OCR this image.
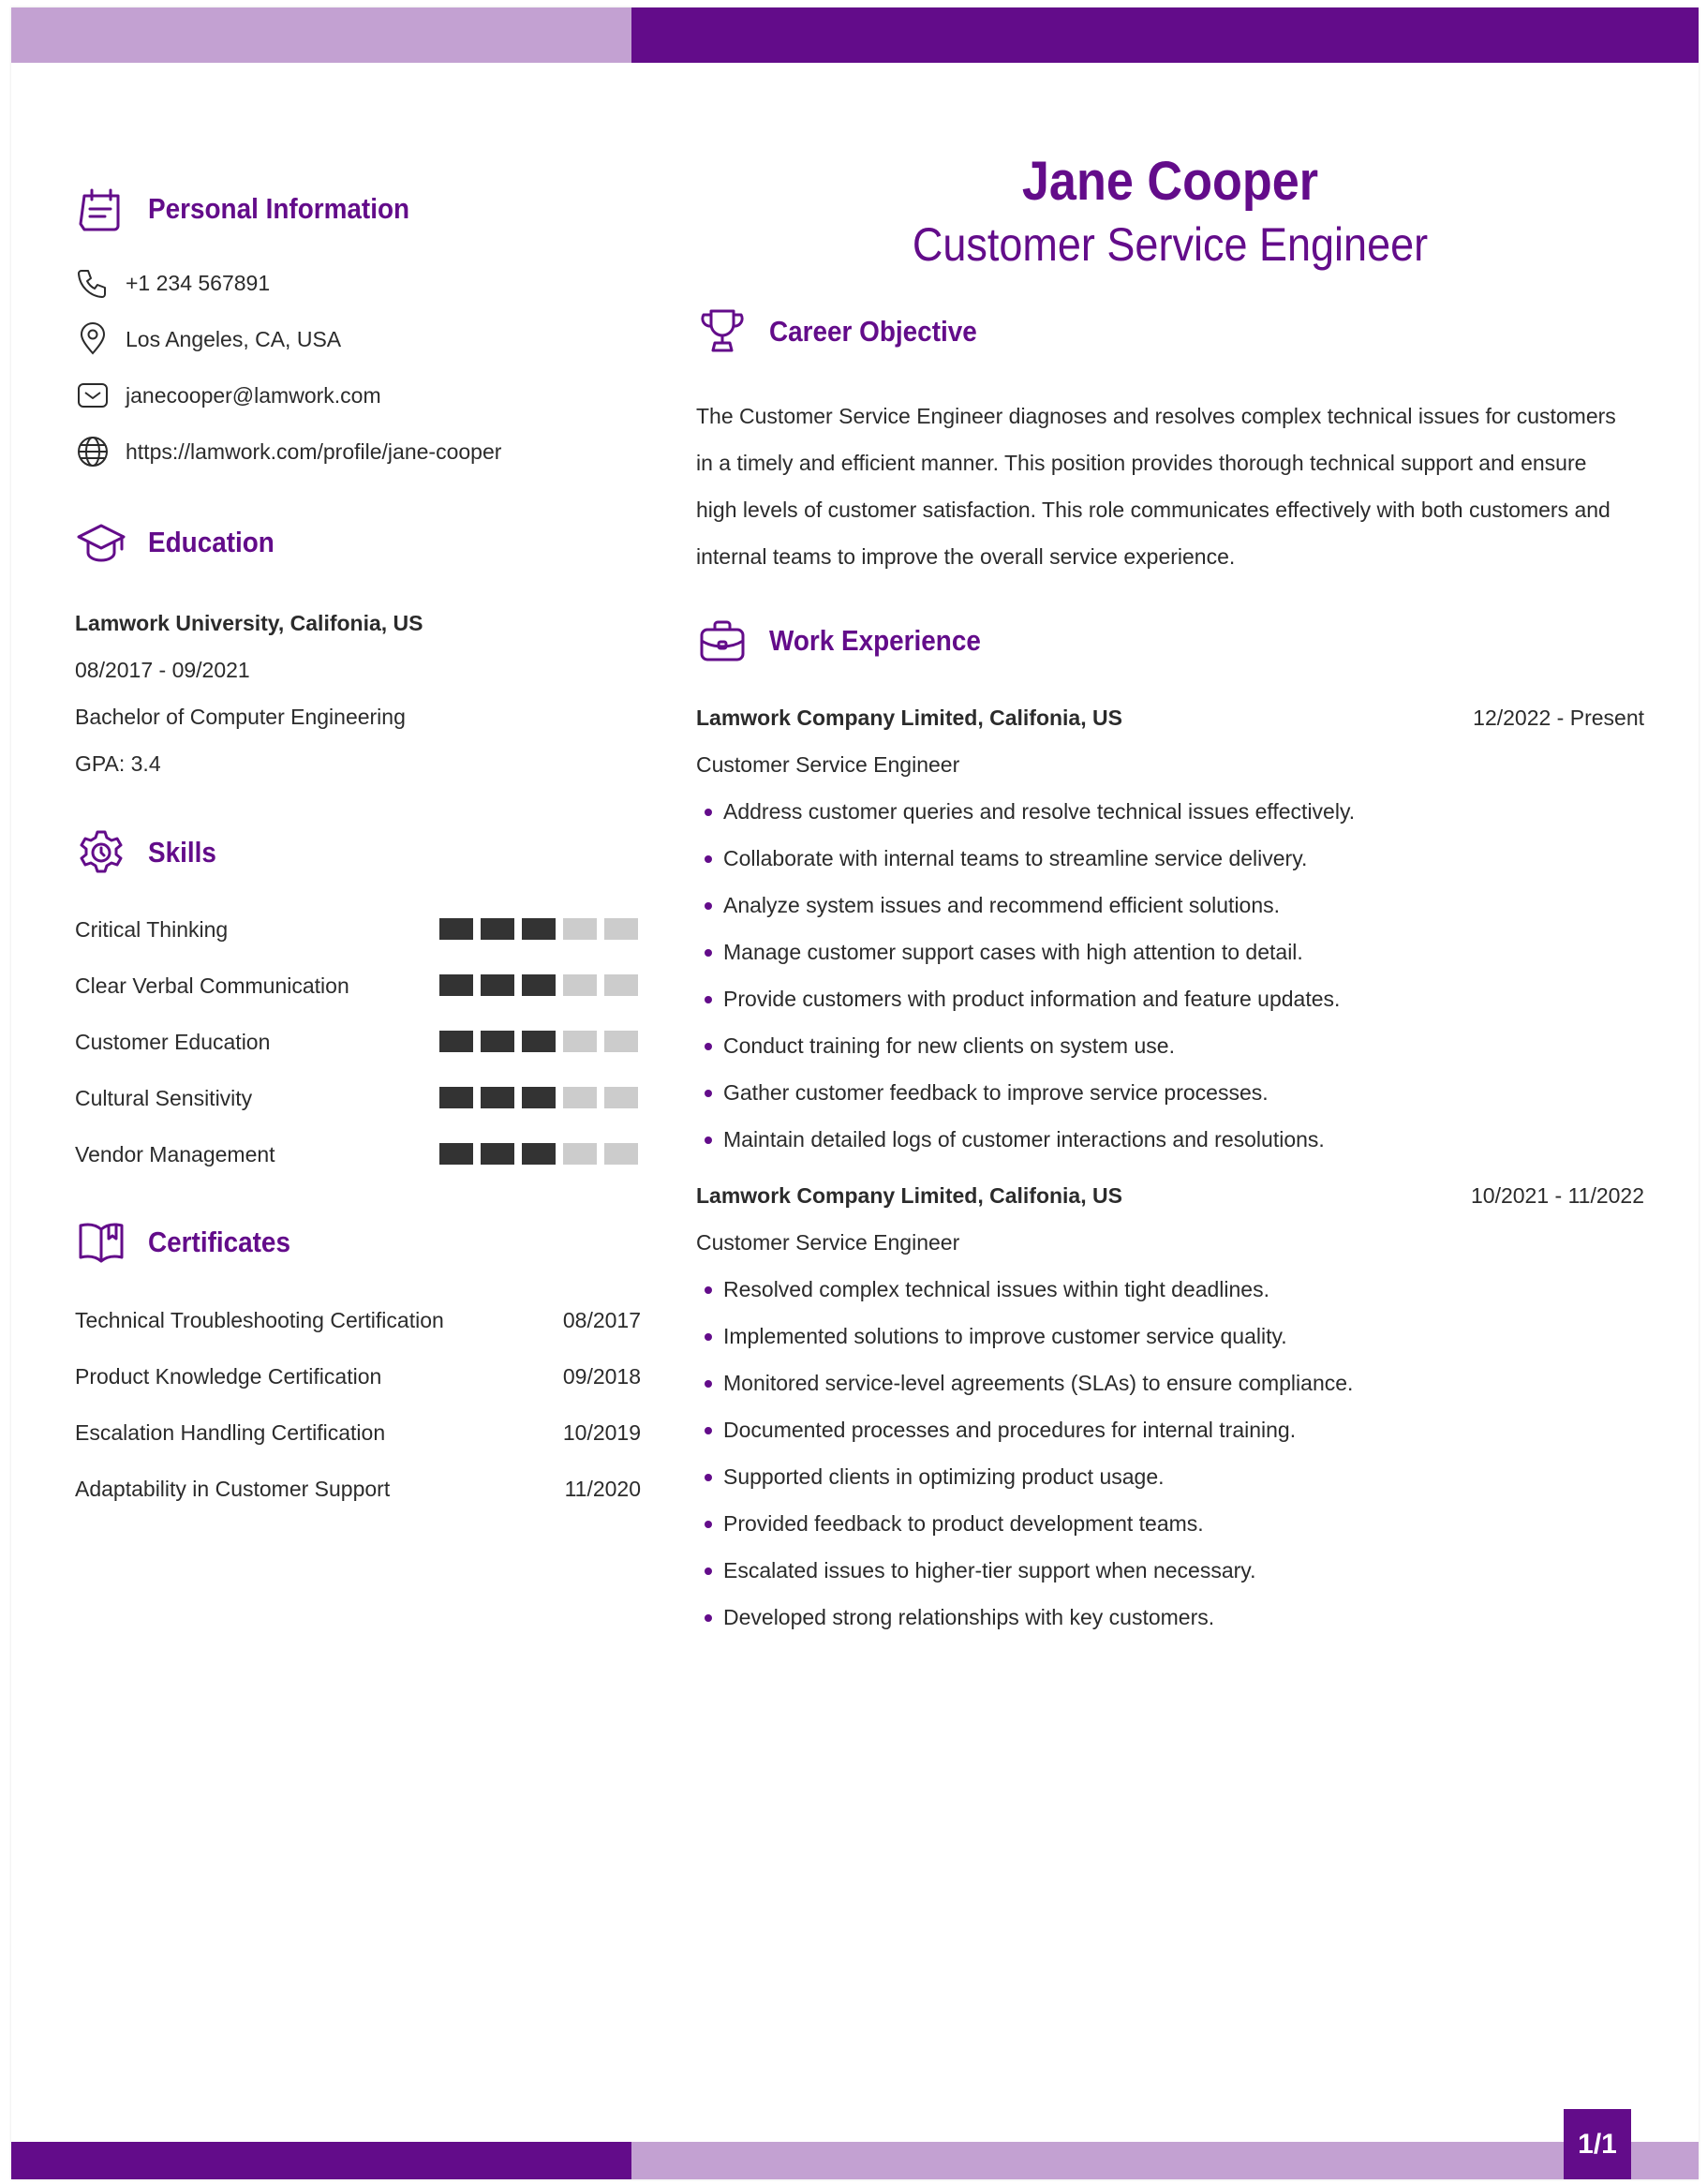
Personal Information
+1 234 567891
Los Angeles, CA, USA
janecooper@lamwork.com
https://lamwork.com/profile/jane-cooper
Education
Lamwork University, Califonia, US
08/2017 - 09/2021
Bachelor of Computer Engineering
GPA: 3.4
Skills
Critical Thinking
Clear Verbal Communication
Customer Education
Cultural Sensitivity
Vendor Management
Certificates
Technical Troubleshooting Certification	08/2017
Product Knowledge Certification	09/2018
Escalation Handling Certification	10/2019
Adaptability in Customer Support	11/2020
Jane Cooper
Customer Service Engineer
Career Objective
The Customer Service Engineer diagnoses and resolves complex technical issues for customers in a timely and efficient manner. This position provides thorough technical support and ensure high levels of customer satisfaction. This role communicates effectively with both customers and internal teams to improve the overall service experience.
Work Experience
Lamwork Company Limited, Califonia, US	12/2022 - Present
Customer Service Engineer
Address customer queries and resolve technical issues effectively.
Collaborate with internal teams to streamline service delivery.
Analyze system issues and recommend efficient solutions.
Manage customer support cases with high attention to detail.
Provide customers with product information and feature updates.
Conduct training for new clients on system use.
Gather customer feedback to improve service processes.
Maintain detailed logs of customer interactions and resolutions.
Lamwork Company Limited, Califonia, US	10/2021 - 11/2022
Customer Service Engineer
Resolved complex technical issues within tight deadlines.
Implemented solutions to improve customer service quality.
Monitored service-level agreements (SLAs) to ensure compliance.
Documented processes and procedures for internal training.
Supported clients in optimizing product usage.
Provided feedback to product development teams.
Escalated issues to higher-tier support when necessary.
Developed strong relationships with key customers.
1/1
